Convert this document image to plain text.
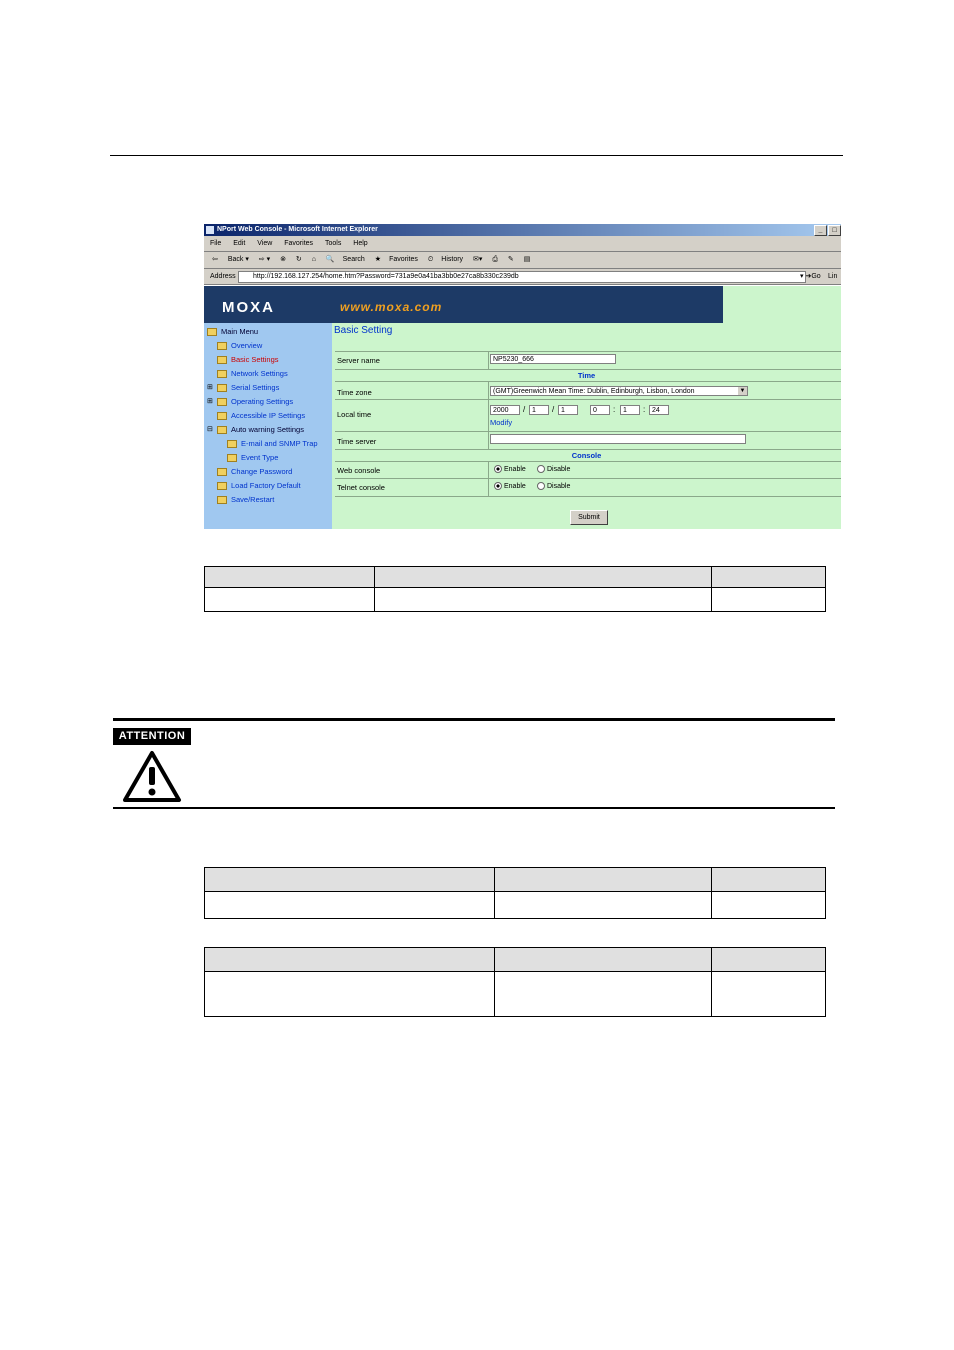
NPort Web Console - Microsoft Internet Explorer	_ □
File Edit View Favorites Tools Help
⇦ Back ▾ ⇨ ▾ ⊗ ↻ ⌂ 🔍 Search ★ Favorites ⏲ History ✉▾ ⎙ ✎ ▤
Address	http://192.168.127.254/home.htm?Password=731a9e0a41ba3bb0e27ca8b330c239db	▾ ➜Go Lin
MOXA	www.moxa.com
Main Menu
Overview
Basic Settings
Network Settings
⊞	Serial Settings
⊞	Operating Settings
Accessible IP Settings
⊟	Auto warning Settings
E-mail and SNMP Trap
Event Type
Change Password
Load Factory Default
Save/Restart
Basic Setting
Server name	NP5230_666
Time
Time zone	(GMT)Greenwich Mean Time: Dublin, Edinburgh, Lisbon, London	▼
Local time	2000	/ 1	/ 1	0	:	1	: 24
Modify
Time server
Console
Web console	Enable	Disable
Telnet console	Enable	Disable
Submit

ATTENTION
